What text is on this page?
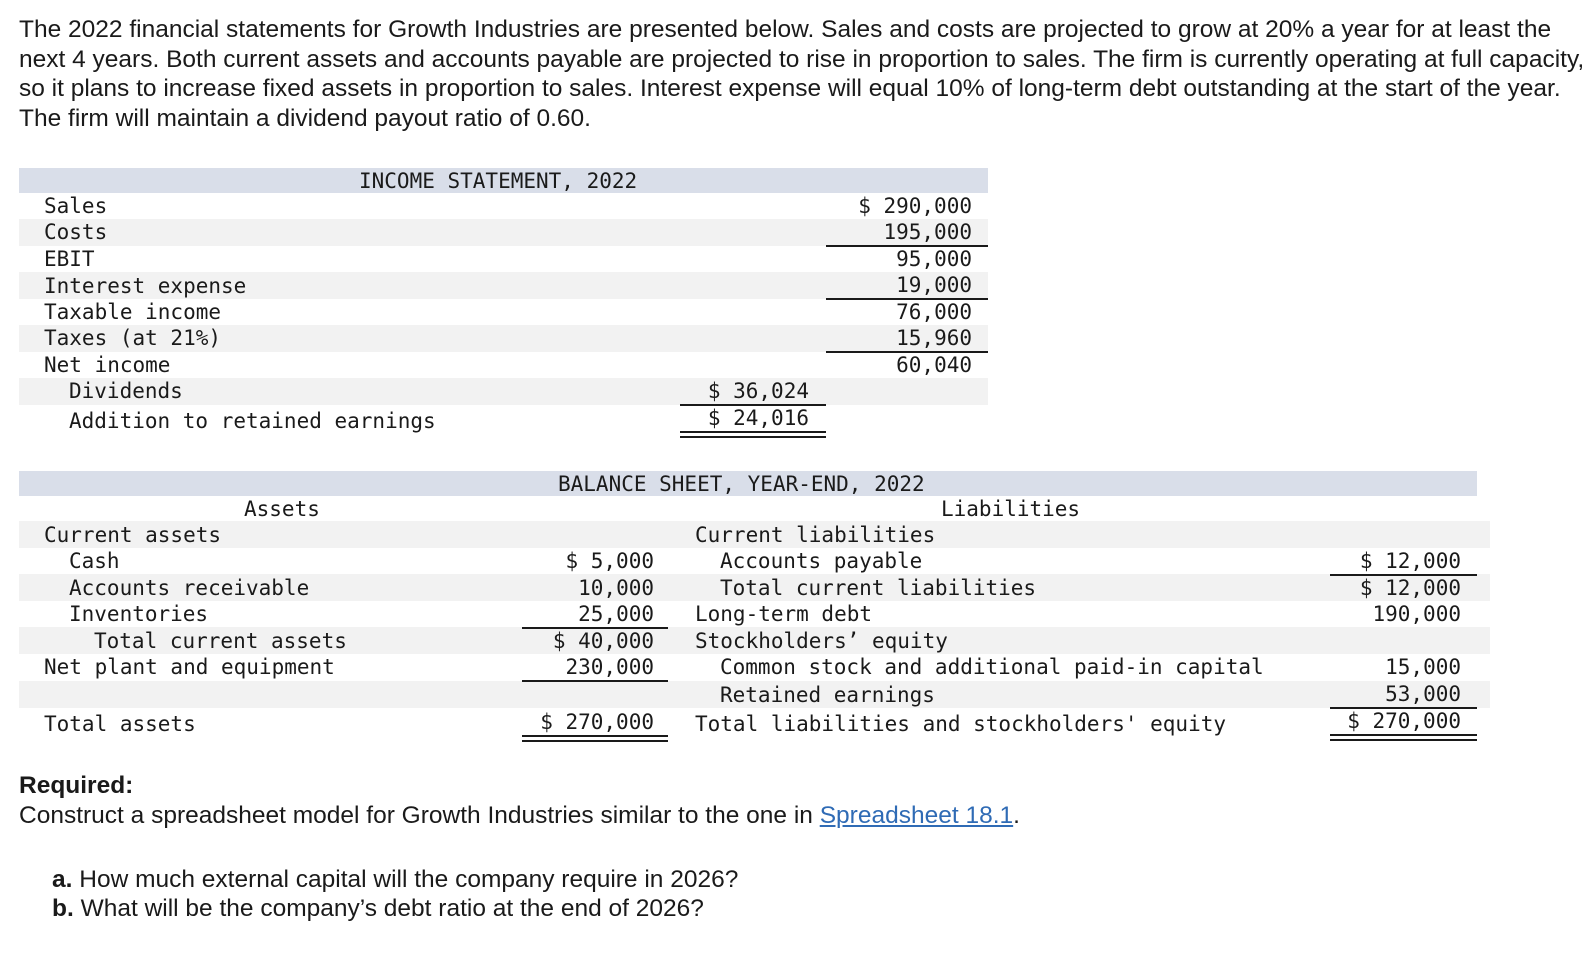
The 2022 financial statements for Growth Industries are presented below. Sales and costs are projected to grow at 20% a year for at least the next 4 years. Both current assets and accounts payable are projected to rise in proportion to sales. The firm is currently operating at full capacity, so it plans to increase fixed assets in proportion to sales. Interest expense will equal 10% of long-term debt outstanding at the start of the year. The firm will maintain a dividend payout ratio of 0.60.

INCOME STATEMENT, 2022
Sales	$ 290,000
Costs	195,000
EBIT	95,000
Interest expense	19,000
Taxable income	76,000
Taxes (at 21%)	15,960
Net income	60,040
Dividends	$ 36,024
Addition to retained earnings	$ 24,016
BALANCE SHEET, YEAR-END, 2022
Assets	Liabilities
Current assets
Cash	$ 5,000
Accounts receivable	10,000
Inventories	25,000
Total current assets	$ 40,000
Net plant and equipment	230,000
Total assets	$ 270,000
Current liabilities
Accounts payable	$ 12,000
Total current liabilities	$ 12,000
Long-term debt	190,000
Stockholders’ equity
Common stock and additional paid-in capital	15,000
Retained earnings	53,000
Total liabilities and stockholders' equity	$ 270,000
Required:
Construct a spreadsheet model for Growth Industries similar to the one in Spreadsheet 18.1.
a. How much external capital will the company require in 2026?
b. What will be the company’s debt ratio at the end of 2026?
